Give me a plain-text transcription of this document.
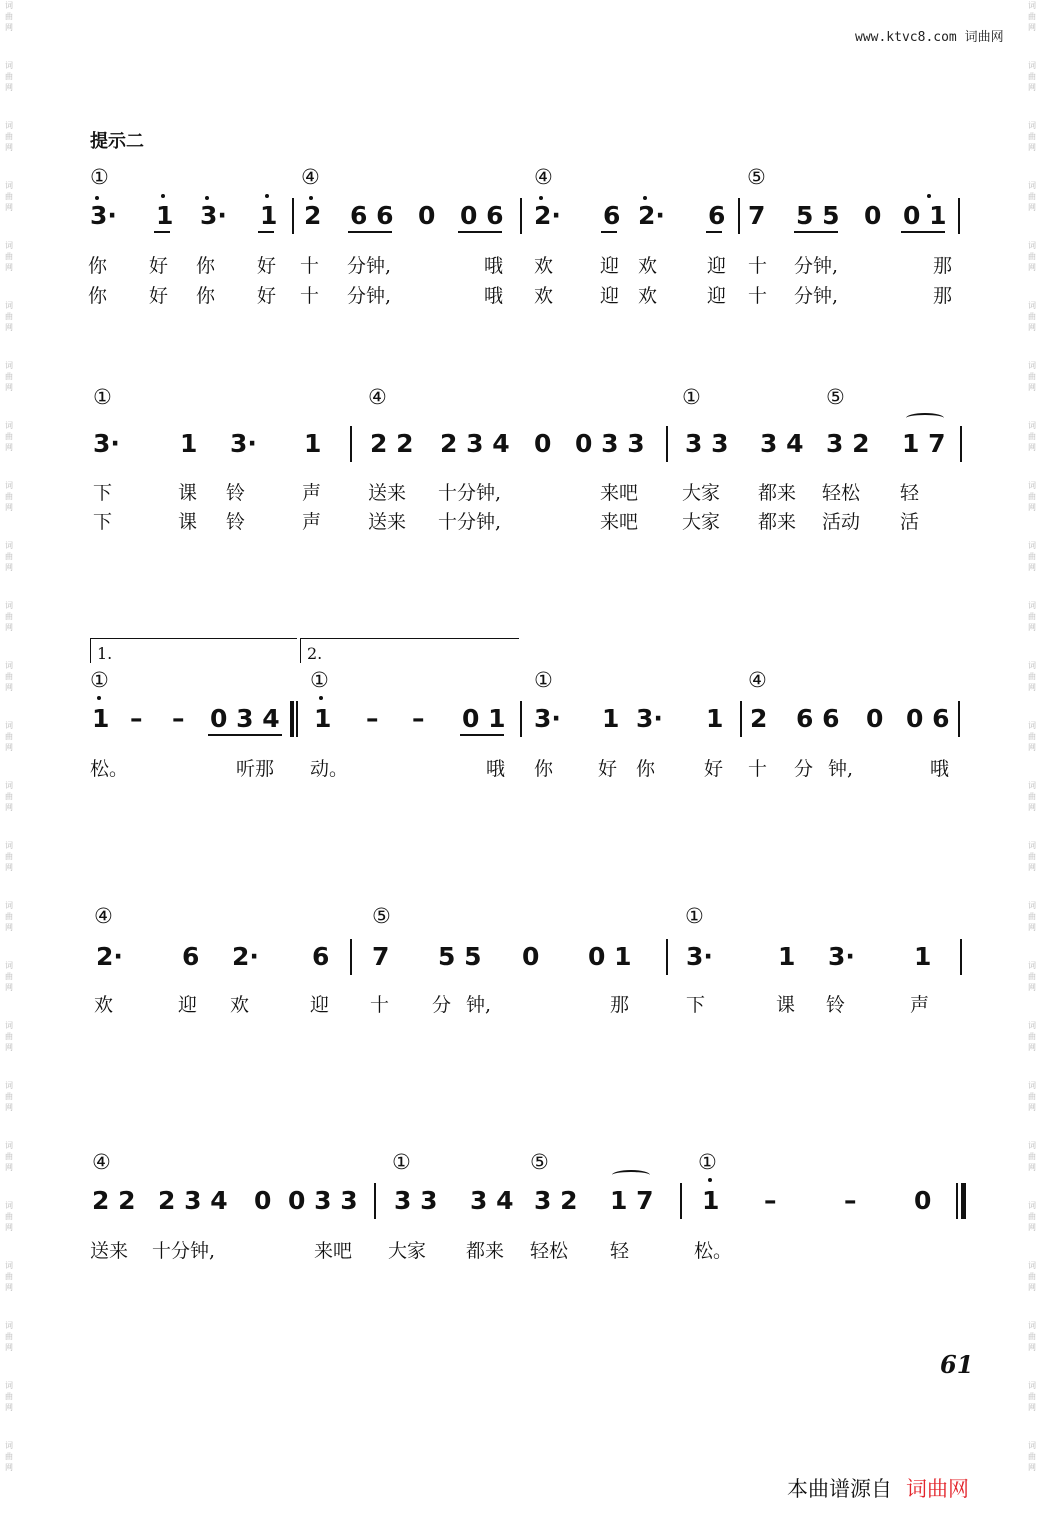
词
曲
网
词
曲
网
词
曲
网
词
曲
网
词
曲
网
词
曲
网
词
曲
网
词
曲
网
词
曲
网
词
曲
网
词
曲
网
词
曲
网
词
曲
网
词
曲
网
词
曲
网
词
曲
网
词
曲
网
词
曲
网
词
曲
网
词
曲
网
词
曲
网
词
曲
网
词
曲
网
词
曲
网
词
曲
网
词
曲
网
词
曲
网
词
曲
网
词
曲
网
词
曲
网
词
曲
网
词
曲
网
词
曲
网
词
曲
网
词
曲
网
词
曲
网
词
曲
网
词
曲
网
词
曲
网
词
曲
网
词
曲
网
词
曲
网
词
曲
网
词
曲
网
词
曲
网
词
曲
网
词
曲
网
词
曲
网
词
曲
网
词
曲
网
www.ktvc8.com 词曲网
提示二
①	④	④	⑤
3· 1 3· 1 2 6 6 0 0 6 2· 6 2· 6 7 5 5 0 0 1
你 好 你 好 十 分钟,	哦 欢 迎 欢	迎 十 分钟,	那
你 好 你 好 十 分钟,	哦 欢 迎 欢	迎 十 分钟,	那
①	④	①	⑤
3· 1 3· 1 2 2 2 3 4 0 0 3 3 3 3 3 4 3 2 1 7
下	课 铃	声 送来 十分钟,	来吧 大家 都来 轻松 轻
下	课 铃	声 送来 十分钟,	来吧 大家 都来 活动 活
1.	2.
①	①	①	④
1 – – 0 3 4 1 – – 0 1 3· 1 3· 1 2 6 6 0 0 6
松。	听那 动。	哦 你 好 你	好 十 分 钟,	哦
④	⑤	①
2· 6 2· 6 7 5 5 0 0 1 3·	1 3· 1
欢	迎 欢	迎 十 分 钟,	那	下	课 铃	声
④	①	⑤	①
2 2 2 3 4 0 0 3 3 3 3 3 4 3 2 1 7 1 –	– 0
送来 十分钟,	来吧 大家 都来 轻松 轻	松。
61
本曲谱源自 词曲网
